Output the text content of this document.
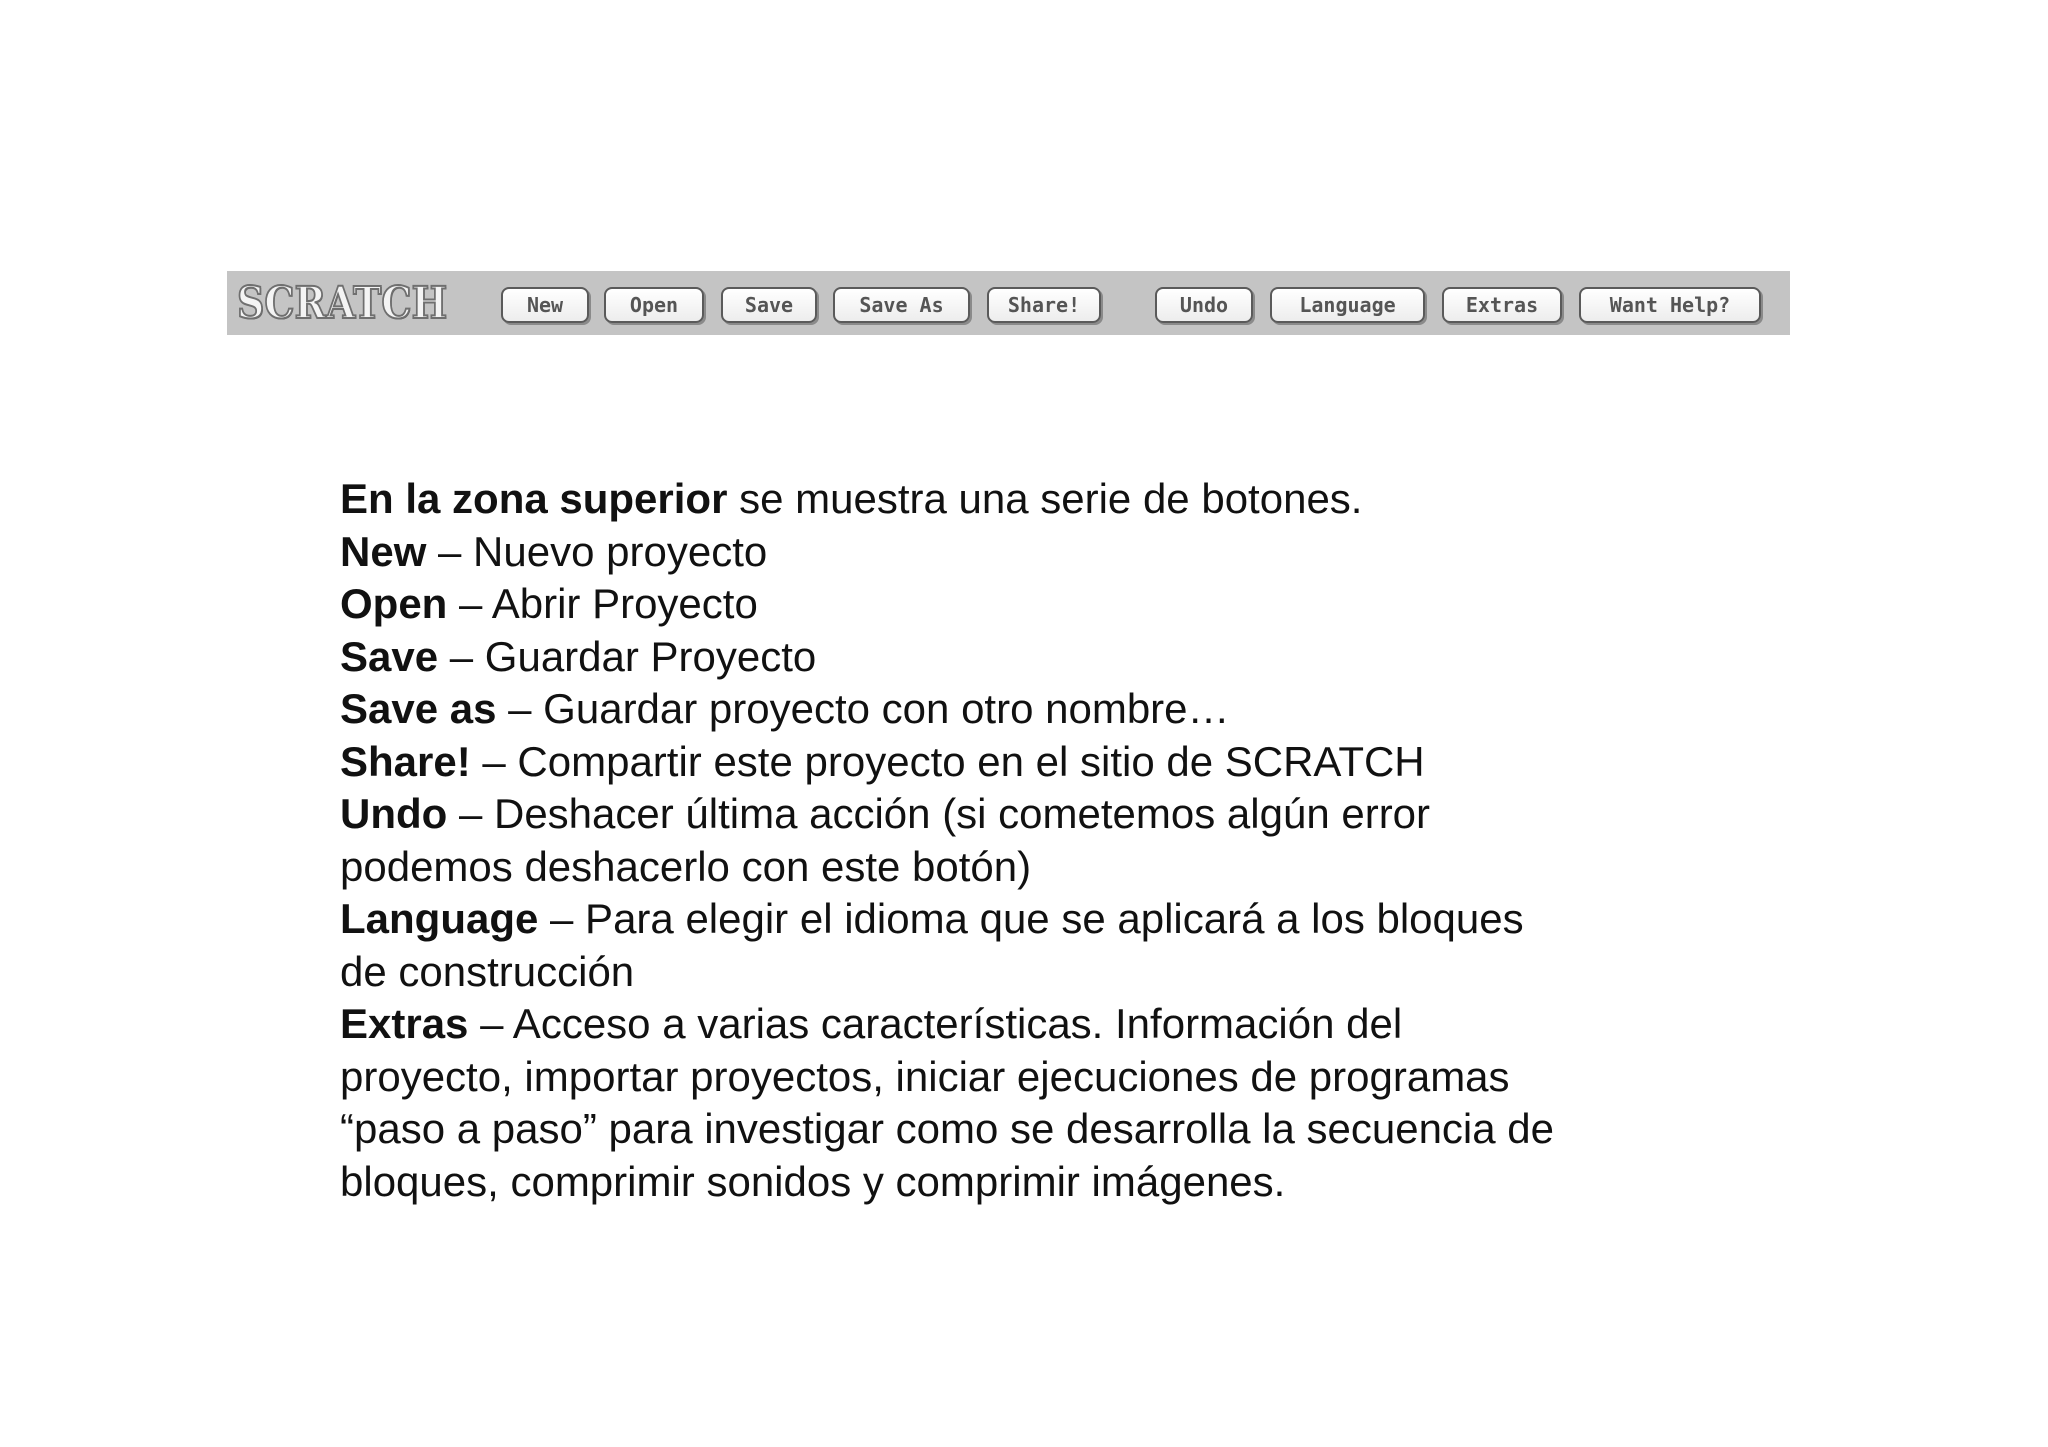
SCRATCH	New	Open	Save	Save As	Share!	Undo	Language	Extras	Want Help?
En la zona superior se muestra una serie de botones.
New – Nuevo proyecto
Open – Abrir Proyecto
Save – Guardar Proyecto
Save as – Guardar proyecto con otro nombre…
Share! – Compartir este proyecto en el sitio de SCRATCH
Undo – Deshacer última acción (si cometemos algún error
podemos deshacerlo con este botón)
Language – Para elegir el idioma que se aplicará a los bloques
de construcción
Extras – Acceso a varias características. Información del
proyecto, importar proyectos, iniciar ejecuciones de programas
“paso a paso” para investigar como se desarrolla la secuencia de
bloques, comprimir sonidos y comprimir imágenes.
